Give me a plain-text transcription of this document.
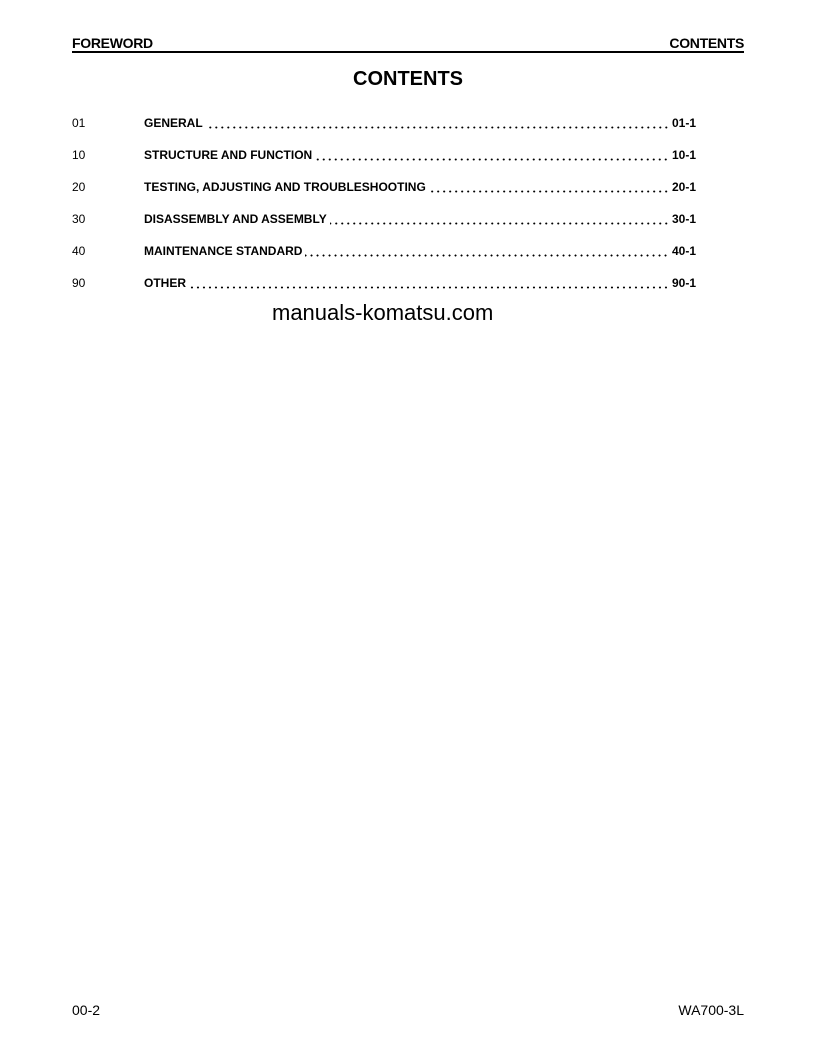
FOREWORD	CONTENTS
CONTENTS
01	GENERAL	01-1
10	STRUCTURE AND FUNCTION	10-1
20	TESTING, ADJUSTING AND TROUBLESHOOTING	20-1
30	DISASSEMBLY AND ASSEMBLY	30-1
40	MAINTENANCE STANDARD	40-1
90	OTHER	90-1
manuals-komatsu.com
00-2	WA700-3L
